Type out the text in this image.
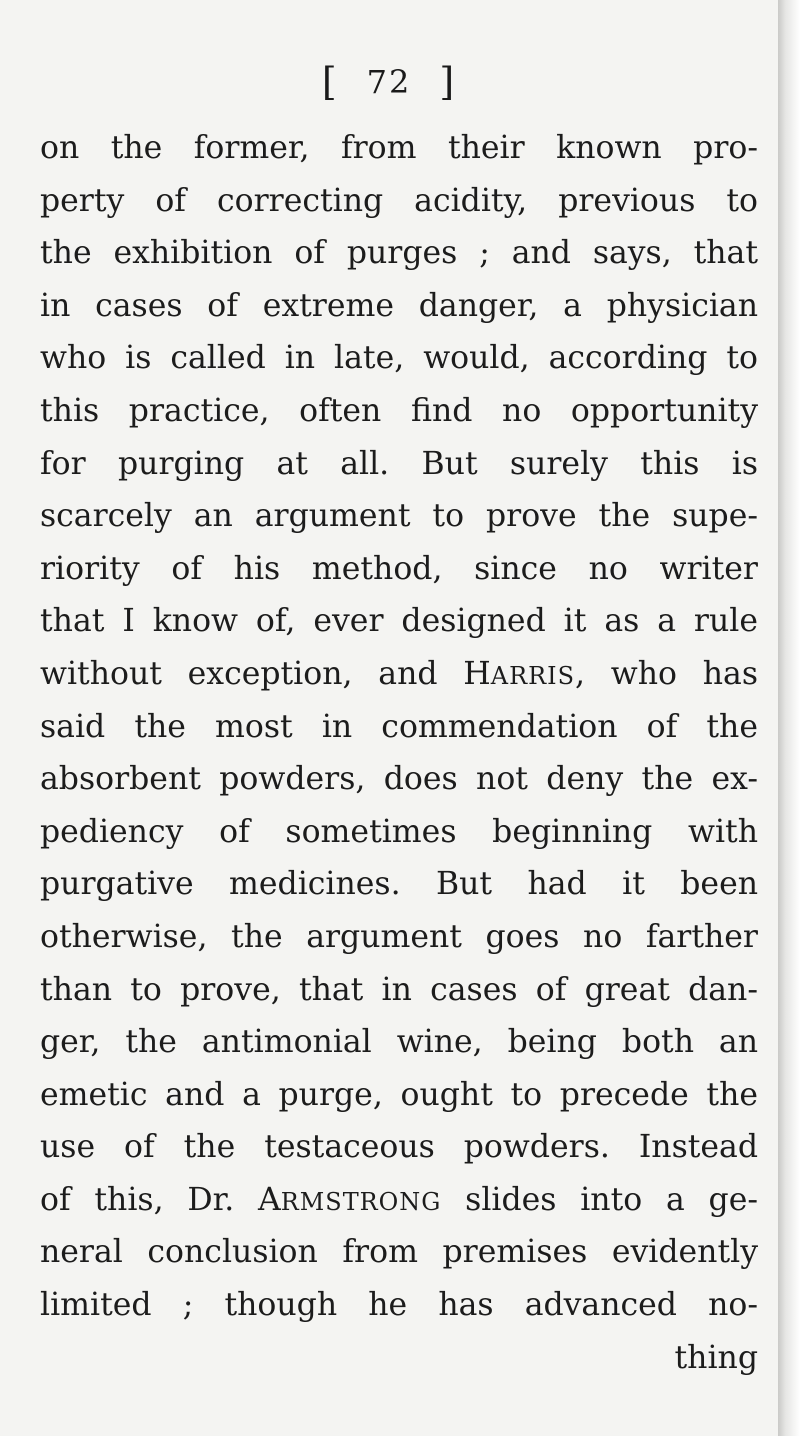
[ 72 ]
on the former, from their known pro-
perty of correcting acidity, previous to
the exhibition of purges ; and says, that
in cases of extreme danger, a physician
who is called in late, would, according to
this practice, often find no opportunity
for purging at all. But surely this is
scarcely an argument to prove the supe-
riority of his method, since no writer
that I know of, ever designed it as a rule
without exception, and HARRIS, who has
said the most in commendation of the
absorbent powders, does not deny the ex-
pediency of sometimes beginning with
purgative medicines. But had it been
otherwise, the argument goes no farther
than to prove, that in cases of great dan-
ger, the antimonial wine, being both an
emetic and a purge, ought to precede the
use of the testaceous powders. Instead
of this, Dr. ARMSTRONG slides into a ge-
neral conclusion from premises evidently
limited ; though he has advanced no-
thing
